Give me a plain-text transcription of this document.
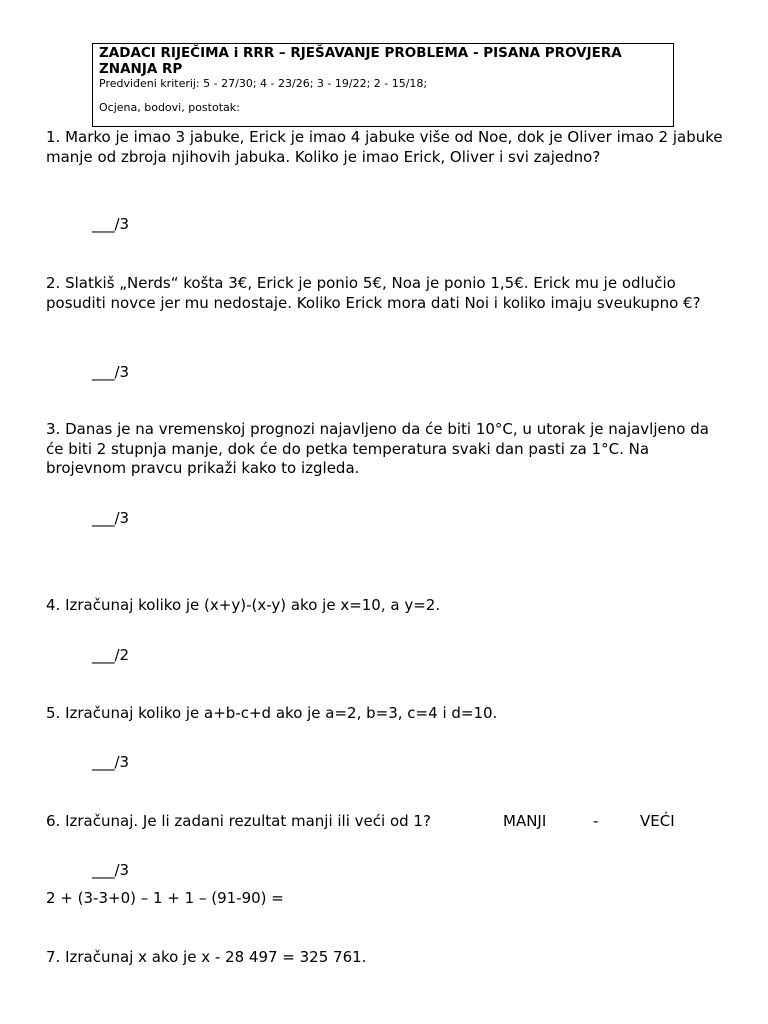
ZADACI RIJEČIMA i RRR – RJEŠAVANJE PROBLEMA - PISANA PROVJERA ZNANJA RP

Predviđeni kriterij: 5 - 27/30; 4 - 23/26; 3 - 19/22; 2 - 15/18;

Ocjena, bodovi, postotak:

1. Marko je imao 3 jabuke, Erick je imao 4 jabuke više od Noe, dok je Oliver imao 2 jabuke manje od zbroja njihovih jabuka. Koliko je imao Erick, Oliver i svi zajedno?

___/3

2. Slatkiš „Nerds“ košta 3€, Erick je ponio 5€, Noa je ponio 1,5€. Erick mu je odlučio posuditi novce jer mu nedostaje. Koliko Erick mora dati Noi i koliko imaju sveukupno €?

___/3

3. Danas je na vremenskoj prognozi najavljeno da će biti 10°C, u utorak je najavljeno da će biti 2 stupnja manje, dok će do petka temperatura svaki dan pasti za 1°C. Na brojevnom pravcu prikaži kako to izgleda.

___/3

4. Izračunaj koliko je (x+y)-(x-y) ako je x=10, a y=2.

___/2

5. Izračunaj koliko je a+b-c+d ako je a=2, b=3, c=4 i d=10.

___/3

6. Izračunaj. Je li zadani rezultat manji ili veći od 1?	MANJI	-	VEĆI
___/3

2 + (3-3+0) – 1 + 1 – (91-90) =

7. Izračunaj x ako je x - 28 497 = 325 761.
